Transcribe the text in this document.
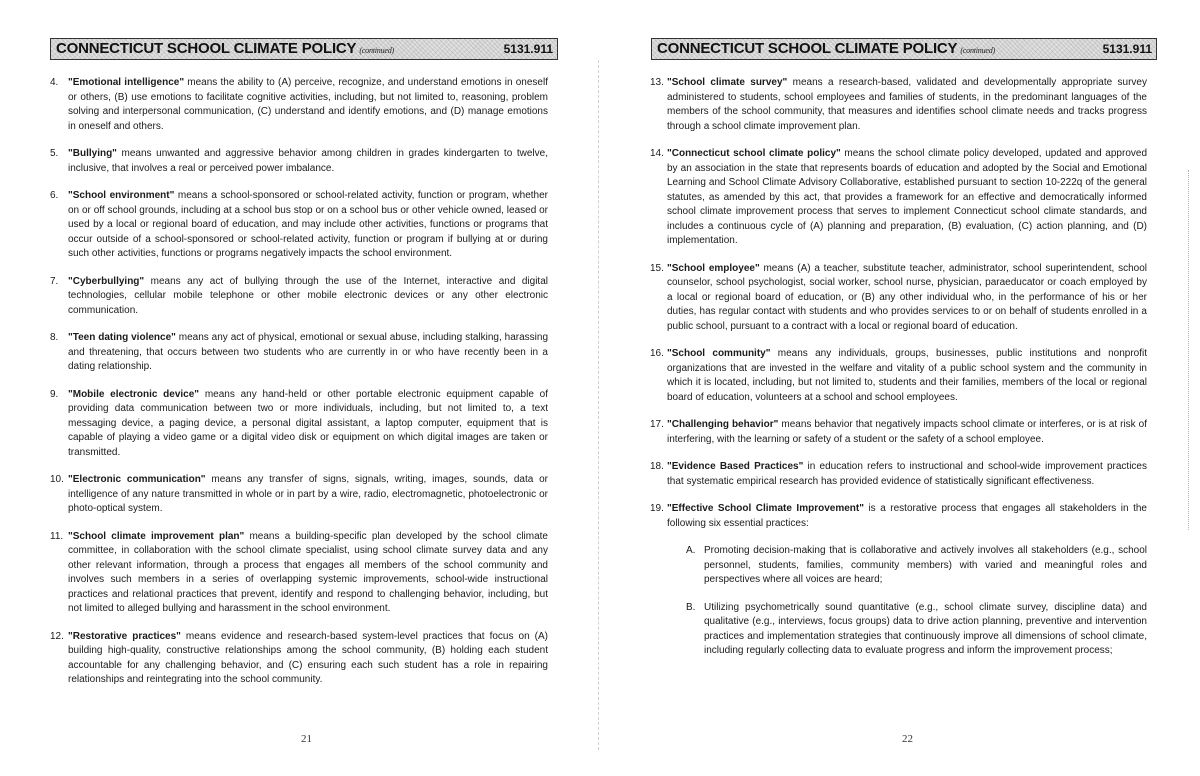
CONNECTICUT SCHOOL CLIMATE POLICY (continued)	5131.911
4. "Emotional intelligence" means the ability to (A) perceive, recognize, and understand emotions in oneself or others, (B) use emotions to facilitate cognitive activities, including, but not limited to, reasoning, problem solving and interpersonal communication, (C) understand and identify emotions, and (D) manage emotions in oneself and others.
5. "Bullying" means unwanted and aggressive behavior among children in grades kindergarten to twelve, inclusive, that involves a real or perceived power imbalance.
6. "School environment" means a school-sponsored or school-related activity, function or program, whether on or off school grounds, including at a school bus stop or on a school bus or other vehicle owned, leased or used by a local or regional board of education, and may include other activities, functions or programs that occur outside of a school-sponsored or school-related activity, function or program if bullying at or during such other activities, functions or programs negatively impacts the school environment.
7. "Cyberbullying" means any act of bullying through the use of the Internet, interactive and digital technologies, cellular mobile telephone or other mobile electronic devices or any other electronic communication.
8. "Teen dating violence" means any act of physical, emotional or sexual abuse, including stalking, harassing and threatening, that occurs between two students who are currently in or who have recently been in a dating relationship.
9. "Mobile electronic device" means any hand-held or other portable electronic equipment capable of providing data communication between two or more individuals, including, but not limited to, a text messaging device, a paging device, a personal digital assistant, a laptop computer, equipment that is capable of playing a video game or a digital video disk or equipment on which digital images are taken or transmitted.
10. "Electronic communication" means any transfer of signs, signals, writing, images, sounds, data or intelligence of any nature transmitted in whole or in part by a wire, radio, electromagnetic, photoelectronic or photo-optical system.
11. "School climate improvement plan" means a building-specific plan developed by the school climate committee, in collaboration with the school climate specialist, using school climate survey data and any other relevant information, through a process that engages all members of the school community and involves such members in a series of overlapping systemic improvements, school-wide instructional practices and relational practices that prevent, identify and respond to challenging behavior, including, but not limited to alleged bullying and harassment in the school environment.
12. "Restorative practices" means evidence and research-based system-level practices that focus on (A) building high-quality, constructive relationships among the school community, (B) holding each student accountable for any challenging behavior, and (C) ensuring each such student has a role in repairing relationships and reintegrating into the school community.
21
CONNECTICUT SCHOOL CLIMATE POLICY (continued)	5131.911
13. "School climate survey" means a research-based, validated and developmentally appropriate survey administered to students, school employees and families of students, in the predominant languages of the members of the school community, that measures and identifies school climate needs and tracks progress through a school climate improvement plan.
14. "Connecticut school climate policy" means the school climate policy developed, updated and approved by an association in the state that represents boards of education and adopted by the Social and Emotional Learning and School Climate Advisory Collaborative, established pursuant to section 10-222q of the general statutes, as amended by this act, that provides a framework for an effective and democratically informed school climate improvement process that serves to implement Connecticut school climate standards, and includes a continuous cycle of (A) planning and preparation, (B) evaluation, (C) action planning, and (D) implementation.
15. "School employee" means (A) a teacher, substitute teacher, administrator, school superintendent, school counselor, school psychologist, social worker, school nurse, physician, paraeducator or coach employed by a local or regional board of education, or (B) any other individual who, in the performance of his or her duties, has regular contact with students and who provides services to or on behalf of students enrolled in a public school, pursuant to a contract with a local or regional board of education.
16. "School community" means any individuals, groups, businesses, public institutions and nonprofit organizations that are invested in the welfare and vitality of a public school system and the community in which it is located, including, but not limited to, students and their families, members of the local or regional board of education, volunteers at a school and school employees.
17. "Challenging behavior" means behavior that negatively impacts school climate or interferes, or is at risk of interfering, with the learning or safety of a student or the safety of a school employee.
18. "Evidence Based Practices" in education refers to instructional and school-wide improvement practices that systematic empirical research has provided evidence of statistically significant effectiveness.
19. "Effective School Climate Improvement" is a restorative process that engages all stakeholders in the following six essential practices:

A. Promoting decision-making that is collaborative and actively involves all stakeholders (e.g., school personnel, students, families, community members) with varied and meaningful roles and perspectives where all voices are heard;
B. Utilizing psychometrically sound quantitative (e.g., school climate survey, discipline data) and qualitative (e.g., interviews, focus groups) data to drive action planning, preventive and intervention practices and implementation strategies that continuously improve all dimensions of school climate, including regularly collecting data to evaluate progress and inform the improvement process;
22
